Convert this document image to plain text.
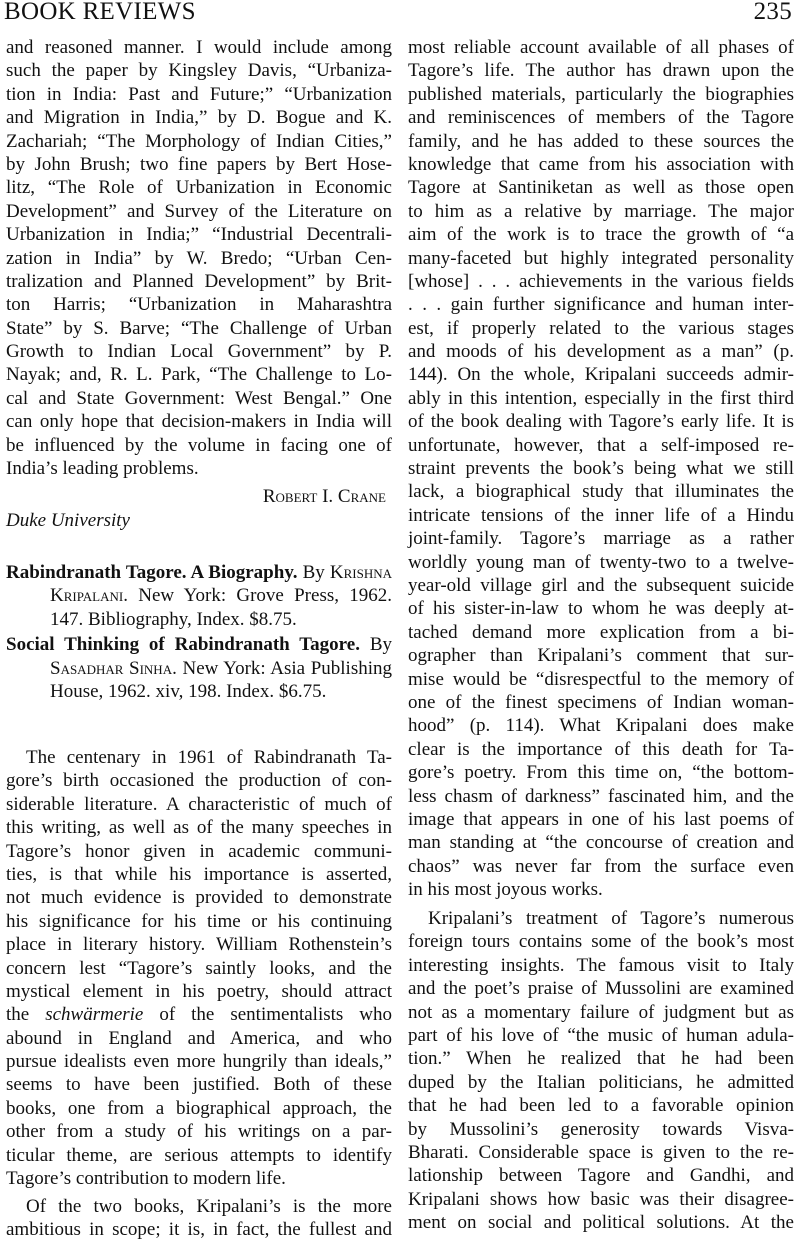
BOOK REVIEWS	235
and reasoned manner. I would include among
such the paper by Kingsley Davis, “Urbaniza-
tion in India: Past and Future;” “Urbanization
and Migration in India,” by D. Bogue and K.
Zachariah; “The Morphology of Indian Cities,”
by John Brush; two fine papers by Bert Hose-
litz, “The Role of Urbanization in Economic
Development” and Survey of the Literature on
Urbanization in India;” “Industrial Decentrali-
zation in India” by W. Bredo; “Urban Cen-
tralization and Planned Development” by Brit-
ton Harris; “Urbanization in Maharashtra
State” by S. Barve; “The Challenge of Urban
Growth to Indian Local Government” by P.
Nayak; and, R. L. Park, “The Challenge to Lo-
cal and State Government: West Bengal.” One
can only hope that decision-makers in India will
be influenced by the volume in facing one of
India’s leading problems.
Robert I. Crane
Duke University
Rabindranath Tagore. A Biography. By Krishna Kripalani. New York: Grove Press, 1962. 147. Bibliography, Index. $8.75.
Social Thinking of Rabindranath Tagore. By Sasadhar Sinha. New York: Asia Publishing House, 1962. xiv, 198. Index. $6.75.
The centenary in 1961 of Rabindranath Ta-
gore’s birth occasioned the production of con-
siderable literature. A characteristic of much of
this writing, as well as of the many speeches in
Tagore’s honor given in academic communi-
ties, is that while his importance is asserted,
not much evidence is provided to demonstrate
his significance for his time or his continuing
place in literary history. William Rothenstein’s
concern lest “Tagore’s saintly looks, and the
mystical element in his poetry, should attract
the schwärmerie of the sentimentalists who
abound in England and America, and who
pursue idealists even more hungrily than ideals,”
seems to have been justified. Both of these
books, one from a biographical approach, the
other from a study of his writings on a par-
ticular theme, are serious attempts to identify
Tagore’s contribution to modern life.
Of the two books, Kripalani’s is the more
ambitious in scope; it is, in fact, the fullest and
most reliable account available of all phases of
Tagore’s life. The author has drawn upon the
published materials, particularly the biographies
and reminiscences of members of the Tagore
family, and he has added to these sources the
knowledge that came from his association with
Tagore at Santiniketan as well as those open
to him as a relative by marriage. The major
aim of the work is to trace the growth of “a
many-faceted but highly integrated personality
[whose] . . . achievements in the various fields
. . . gain further significance and human inter-
est, if properly related to the various stages
and moods of his development as a man” (p.
144). On the whole, Kripalani succeeds admir-
ably in this intention, especially in the first third
of the book dealing with Tagore’s early life. It is
unfortunate, however, that a self-imposed re-
straint prevents the book’s being what we still
lack, a biographical study that illuminates the
intricate tensions of the inner life of a Hindu
joint-family. Tagore’s marriage as a rather
worldly young man of twenty-two to a twelve-
year-old village girl and the subsequent suicide
of his sister-in-law to whom he was deeply at-
tached demand more explication from a bi-
ographer than Kripalani’s comment that sur-
mise would be “disrespectful to the memory of
one of the finest specimens of Indian woman-
hood” (p. 114). What Kripalani does make
clear is the importance of this death for Ta-
gore’s poetry. From this time on, “the bottom-
less chasm of darkness” fascinated him, and the
image that appears in one of his last poems of
man standing at “the concourse of creation and
chaos” was never far from the surface even
in his most joyous works.
Kripalani’s treatment of Tagore’s numerous
foreign tours contains some of the book’s most
interesting insights. The famous visit to Italy
and the poet’s praise of Mussolini are examined
not as a momentary failure of judgment but as
part of his love of “the music of human adula-
tion.” When he realized that he had been
duped by the Italian politicians, he admitted
that he had been led to a favorable opinion
by Mussolini’s generosity towards Visva-
Bharati. Considerable space is given to the re-
lationship between Tagore and Gandhi, and
Kripalani shows how basic was their disagree-
ment on social and political solutions. At the
